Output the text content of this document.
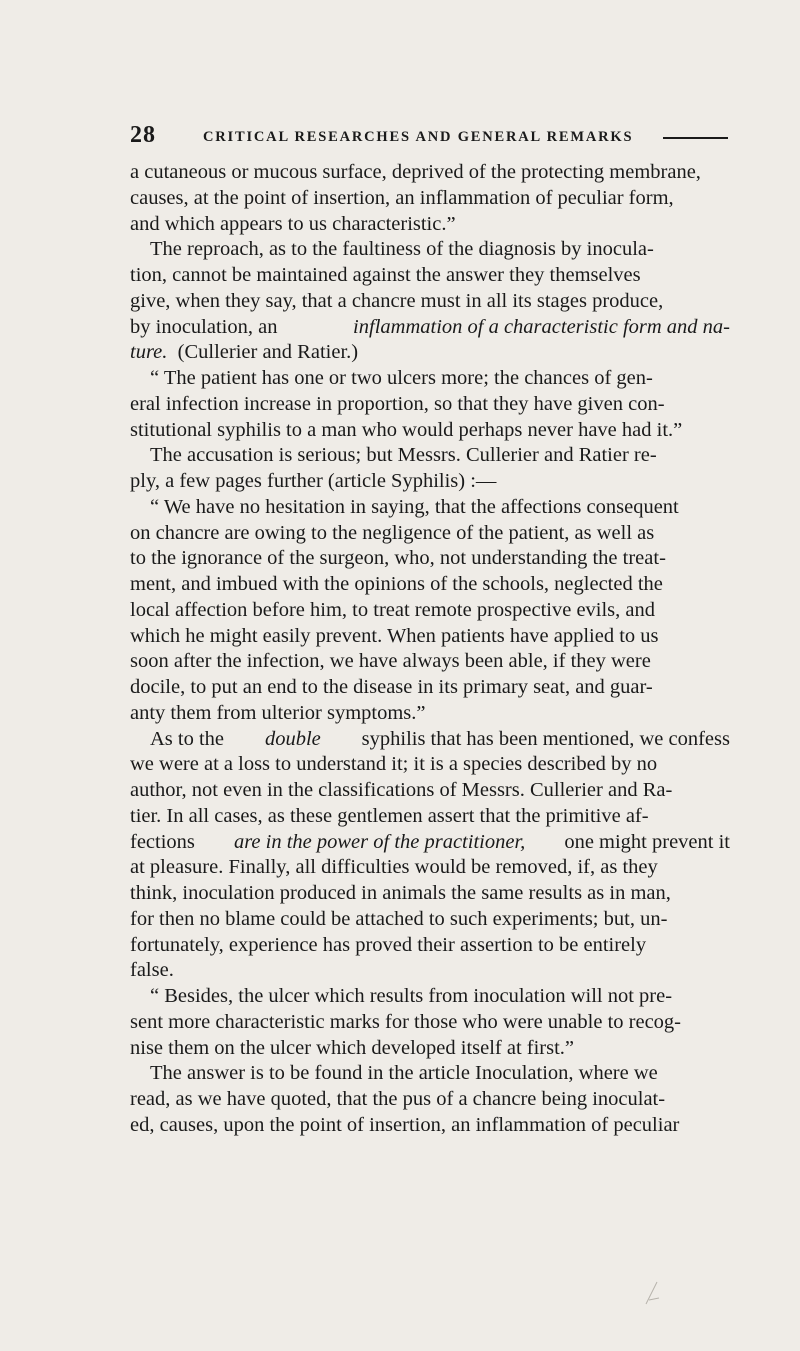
28	CRITICAL RESEARCHES AND GENERAL REMARKS
a cutaneous or mucous surface, deprived of the protecting membrane,
causes, at the point of insertion, an inflammation of peculiar form,
and which appears to us characteristic.”
The reproach, as to the faultiness of the diagnosis by inocula-
tion, cannot be maintained against the answer they themselves
give, when they say, that a chancre must in all its stages produce,
by inoculation, an	inflammation of a characteristic form and na-
ture.
(Cullerier and Ratier.)
“ The patient has one or two ulcers more; the chances of gen-
eral infection increase in proportion, so that they have given con-
stitutional syphilis to a man who would perhaps never have had it.”
The accusation is serious; but Messrs. Cullerier and Ratier re-
ply, a few pages further (article Syphilis) :—
“ We have no hesitation in saying, that the affections consequent
on chancre are owing to the negligence of the patient, as well as
to the ignorance of the surgeon, who, not understanding the treat-
ment, and imbued with the opinions of the schools, neglected the
local affection before him, to treat remote prospective evils, and
which he might easily prevent. When patients have applied to us
soon after the infection, we have always been able, if they were
docile, to put an end to the disease in its primary seat, and guar-
anty them from ulterior symptoms.”
As to the double syphilis that has been mentioned, we confess
we were at a loss to understand it; it is a species described by no
author, not even in the classifications of Messrs. Cullerier and Ra-
tier. In all cases, as these gentlemen assert that the primitive af-
fections are in the power of the practitioner, one might prevent it
at pleasure. Finally, all difficulties would be removed, if, as they
think, inoculation produced in animals the same results as in man,
for then no blame could be attached to such experiments; but, un-
fortunately, experience has proved their assertion to be entirely
false.
“ Besides, the ulcer which results from inoculation will not pre-
sent more characteristic marks for those who were unable to recog-
nise them on the ulcer which developed itself at first.”
The answer is to be found in the article Inoculation, where we
read, as we have quoted, that the pus of a chancre being inoculat-
ed, causes, upon the point of insertion, an inflammation of peculiar
